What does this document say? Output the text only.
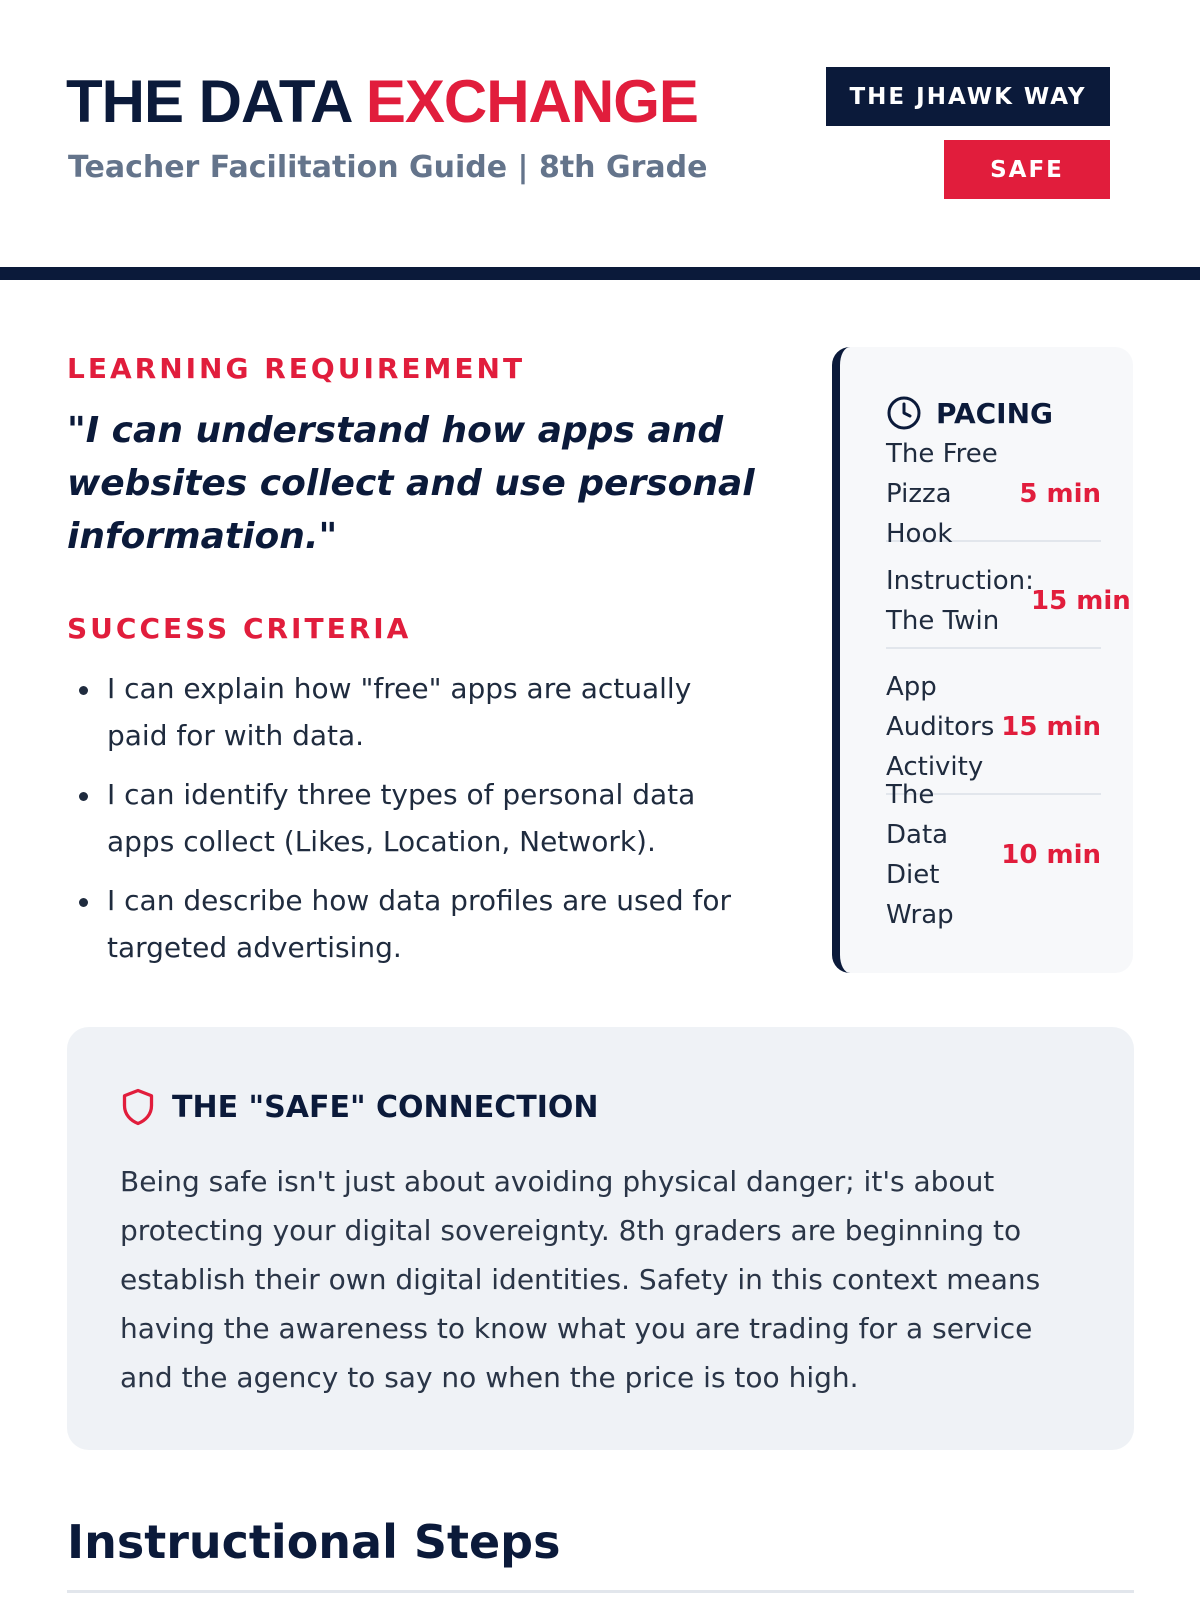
THE DATA EXCHANGE
Teacher Facilitation Guide | 8th Grade
THE JHAWK WAY
SAFE
LEARNING REQUIREMENT
"I can understand how apps and websites collect and use personal information."
SUCCESS CRITERIA
I can explain how "free" apps are actually paid for with data.
I can identify three types of personal data apps collect (Likes, Location, Network).
I can describe how data profiles are used for targeted advertising.
PACING
The Free Pizza Hook
5 min
Instruction: The Twin
15 min
App Auditors Activity
15 min
The Data Diet Wrap
10 min
THE "SAFE" CONNECTION
Being safe isn't just about avoiding physical danger; it's about protecting your digital sovereignty. 8th graders are beginning to establish their own digital identities. Safety in this context means having the awareness to know what you are trading for a service and the agency to say no when the price is too high.
Instructional Steps
